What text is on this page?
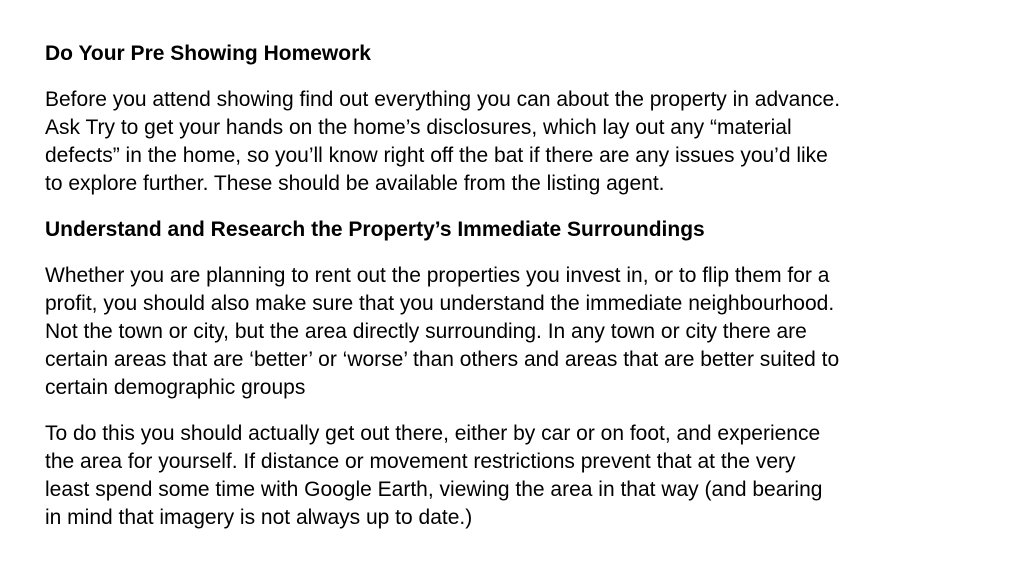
Do Your Pre Showing Homework
Before you attend showing find out everything you can about the property in advance.
Ask Try to get your hands on the home’s disclosures, which lay out any “material
defects” in the home, so you’ll know right off the bat if there are any issues you’d like
to explore further. These should be available from the listing agent.
Understand and Research the Property’s Immediate Surroundings
Whether you are planning to rent out the properties you invest in, or to flip them for a
profit, you should also make sure that you understand the immediate neighbourhood.
Not the town or city, but the area directly surrounding. In any town or city there are
certain areas that are ‘better’ or ‘worse’ than others and areas that are better suited to
certain demographic groups
To do this you should actually get out there, either by car or on foot, and experience
the area for yourself. If distance or movement restrictions prevent that at the very
least spend some time with Google Earth, viewing the area in that way (and bearing
in mind that imagery is not always up to date.)
